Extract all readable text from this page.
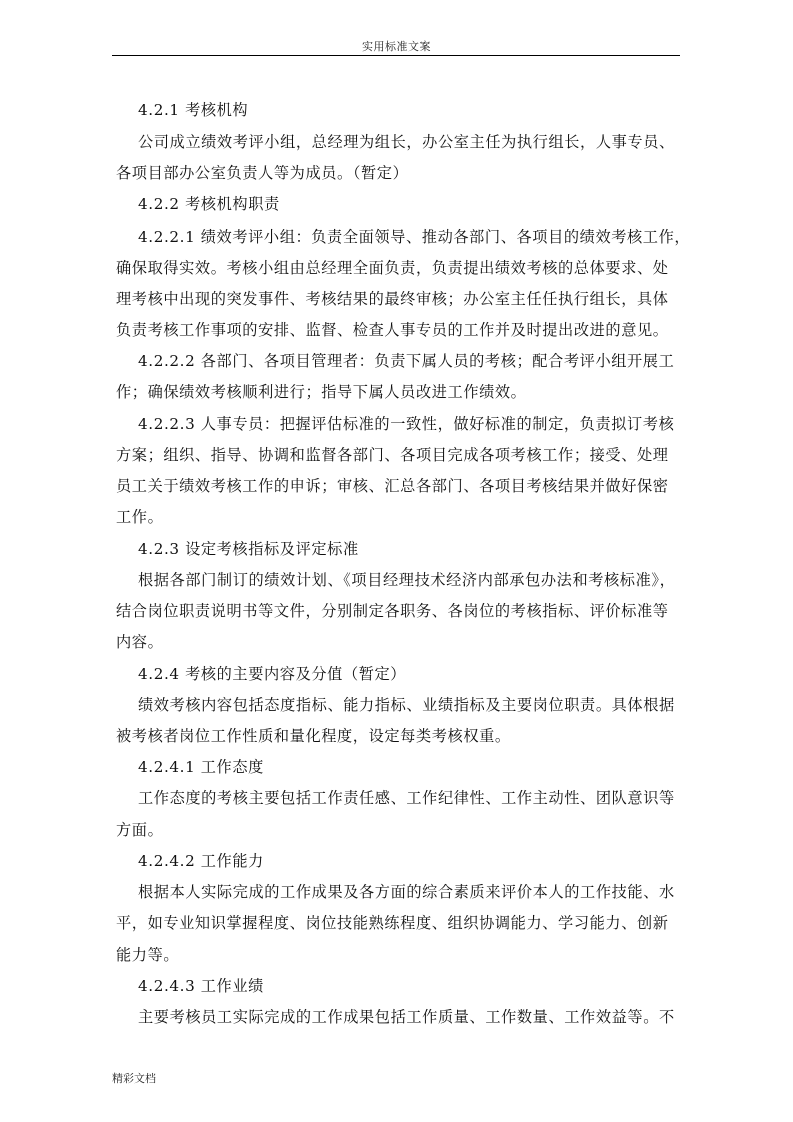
实用标准文案
4.2.1 考核机构
公司成立绩效考评小组，总经理为组长，办公室主任为执行组长，人事专员、
各项目部办公室负责人等为成员。（暂定）
4.2.2 考核机构职责
4.2.2.1 绩效考评小组：负责全面领导、推动各部门、各项目的绩效考核工作，
确保取得实效。考核小组由总经理全面负责，负责提出绩效考核的总体要求、处
理考核中出现的突发事件、考核结果的最终审核；办公室主任任执行组长，具体
负责考核工作事项的安排、监督、检查人事专员的工作并及时提出改进的意见。
4.2.2.2 各部门、各项目管理者：负责下属人员的考核；配合考评小组开展工
作；确保绩效考核顺利进行；指导下属人员改进工作绩效。
4.2.2.3 人事专员：把握评估标准的一致性，做好标准的制定，负责拟订考核
方案；组织、指导、协调和监督各部门、各项目完成各项考核工作；接受、处理
员工关于绩效考核工作的申诉；审核、汇总各部门、各项目考核结果并做好保密
工作。
4.2.3 设定考核指标及评定标准
根据各部门制订的绩效计划、《项目经理技术经济内部承包办法和考核标准》，
结合岗位职责说明书等文件，分别制定各职务、各岗位的考核指标、评价标准等
内容。
4.2.4 考核的主要内容及分值（暂定）
绩效考核内容包括态度指标、能力指标、业绩指标及主要岗位职责。具体根据
被考核者岗位工作性质和量化程度，设定每类考核权重。
4.2.4.1 工作态度
工作态度的考核主要包括工作责任感、工作纪律性、工作主动性、团队意识等
方面。
4.2.4.2 工作能力
根据本人实际完成的工作成果及各方面的综合素质来评价本人的工作技能、水
平，如专业知识掌握程度、岗位技能熟练程度、组织协调能力、学习能力、创新
能力等。
4.2.4.3 工作业绩
主要考核员工实际完成的工作成果包括工作质量、工作数量、工作效益等。不
精彩文档
